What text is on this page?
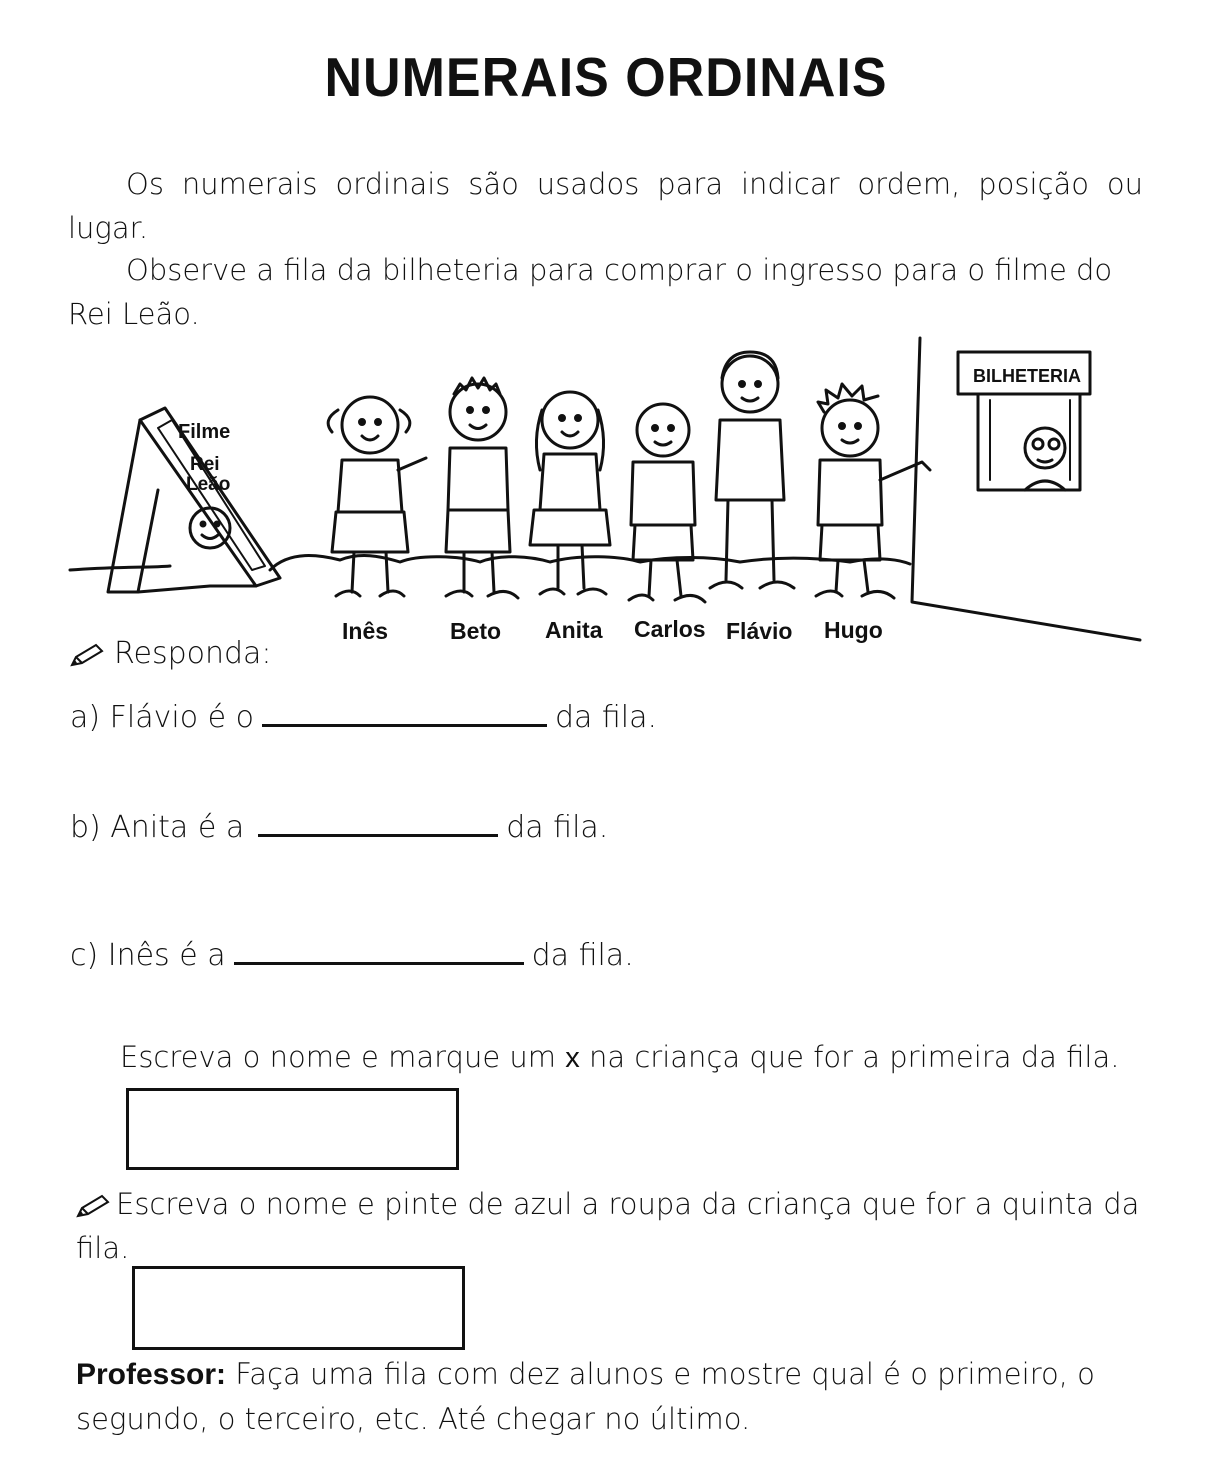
NUMERAIS ORDINAIS
Os numerais ordinais são usados para indicar ordem, posição ou lugar.
Observe a fila da bilheteria para comprar o ingresso para o filme do Rei Leão.
Filme
Rei
Leão
BILHETERIA
Inês	Beto Anita Carlos Flávio Hugo
Responda:
a) Flávio é o	da fila.
b) Anita é a	da fila.
c) Inês é a	da fila.
Escreva o nome e marque um x na criança que for a primeira da fila.
Escreva o nome e pinte de azul a roupa da criança que for a quinta da fila.
Professor: Faça uma fila com dez alunos e mostre qual é o primeiro, o segundo, o terceiro, etc. Até chegar no último.
